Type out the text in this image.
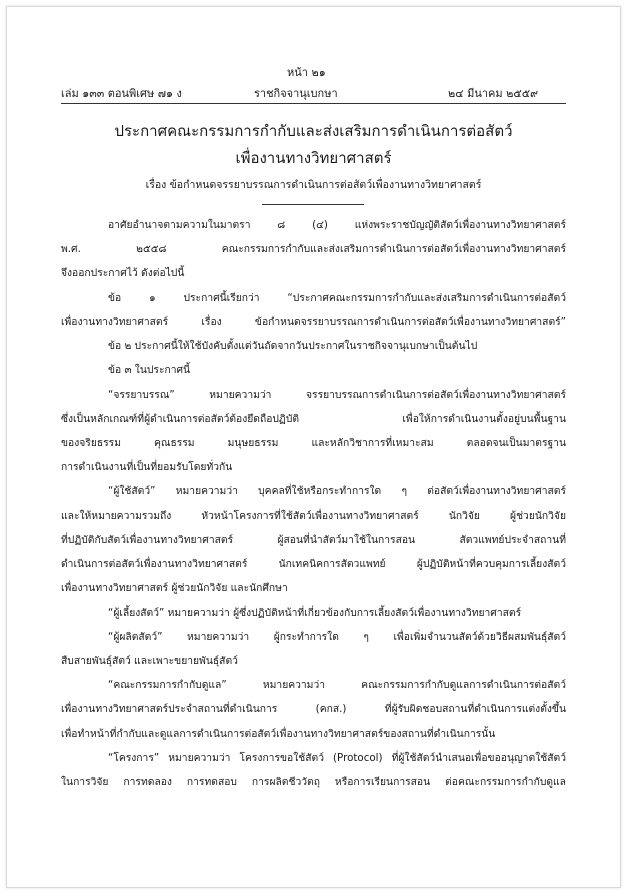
หน้า ๒๑
เล่ม ๑๓๓ ตอนพิเศษ ๗๑ ง	ราชกิจจานุเบกษา	๒๔ มีนาคม ๒๕๕๙
ประกาศคณะกรรมการกำกับและส่งเสริมการดำเนินการต่อสัตว์
เพื่องานทางวิทยาศาสตร์
เรื่อง ข้อกำหนดจรรยาบรรณการดำเนินการต่อสัตว์เพื่องานทางวิทยาศาสตร์
อาศัยอำนาจตามความในมาตรา ๘ (๔) แห่งพระราชบัญญัติสัตว์เพื่องานทางวิทยาศาสตร์
พ.ศ. ๒๕๕๘ คณะกรรมการกำกับและส่งเสริมการดำเนินการต่อสัตว์เพื่องานทางวิทยาศาสตร์
จึงออกประกาศไว้ ดังต่อไปนี้
ข้อ ๑ ประกาศนี้เรียกว่า “ประกาศคณะกรรมการกำกับและส่งเสริมการดำเนินการต่อสัตว์
เพื่องานทางวิทยาศาสตร์ เรื่อง ข้อกำหนดจรรยาบรรณการดำเนินการต่อสัตว์เพื่องานทางวิทยาศาสตร์”
ข้อ ๒ ประกาศนี้ให้ใช้บังคับตั้งแต่วันถัดจากวันประกาศในราชกิจจานุเบกษาเป็นต้นไป
ข้อ ๓ ในประกาศนี้
“จรรยาบรรณ” หมายความว่า จรรยาบรรณการดำเนินการต่อสัตว์เพื่องานทางวิทยาศาสตร์
ซึ่งเป็นหลักเกณฑ์ที่ผู้ดำเนินการต่อสัตว์ต้องยึดถือปฏิบัติ เพื่อให้การดำเนินงานตั้งอยู่บนพื้นฐาน
ของจริยธรรม คุณธรรม มนุษยธรรม และหลักวิชาการที่เหมาะสม ตลอดจนเป็นมาตรฐาน
การดำเนินงานที่เป็นที่ยอมรับโดยทั่วกัน
“ผู้ใช้สัตว์” หมายความว่า บุคคลที่ใช้หรือกระทำการใด ๆ ต่อสัตว์เพื่องานทางวิทยาศาสตร์
และให้หมายความรวมถึง หัวหน้าโครงการที่ใช้สัตว์เพื่องานทางวิทยาศาสตร์ นักวิจัย ผู้ช่วยนักวิจัย
ที่ปฏิบัติกับสัตว์เพื่องานทางวิทยาศาสตร์ ผู้สอนที่นำสัตว์มาใช้ในการสอน สัตวแพทย์ประจำสถานที่
ดำเนินการต่อสัตว์เพื่องานทางวิทยาศาสตร์ นักเทคนิคการสัตวแพทย์ ผู้ปฏิบัติหน้าที่ควบคุมการเลี้ยงสัตว์
เพื่องานทางวิทยาศาสตร์ ผู้ช่วยนักวิจัย และนักศึกษา
“ผู้เลี้ยงสัตว์” หมายความว่า ผู้ซึ่งปฏิบัติหน้าที่เกี่ยวข้องกับการเลี้ยงสัตว์เพื่องานทางวิทยาศาสตร์
“ผู้ผลิตสัตว์” หมายความว่า ผู้กระทำการใด ๆ เพื่อเพิ่มจำนวนสัตว์ด้วยวิธีผสมพันธุ์สัตว์
สืบสายพันธุ์สัตว์ และเพาะขยายพันธุ์สัตว์
“คณะกรรมการกำกับดูแล” หมายความว่า คณะกรรมการกำกับดูแลการดำเนินการต่อสัตว์
เพื่องานทางวิทยาศาสตร์ประจำสถานที่ดำเนินการ (คกส.) ที่ผู้รับผิดชอบสถานที่ดำเนินการแต่งตั้งขึ้น
เพื่อทำหน้าที่กำกับและดูแลการดำเนินการต่อสัตว์เพื่องานทางวิทยาศาสตร์ของสถานที่ดำเนินการนั้น
“โครงการ” หมายความว่า โครงการขอใช้สัตว์ (Protocol) ที่ผู้ใช้สัตว์นำเสนอเพื่อขออนุญาตใช้สัตว์
ในการวิจัย การทดลอง การทดสอบ การผลิตชีววัตถุ หรือการเรียนการสอน ต่อคณะกรรมการกำกับดูแล
